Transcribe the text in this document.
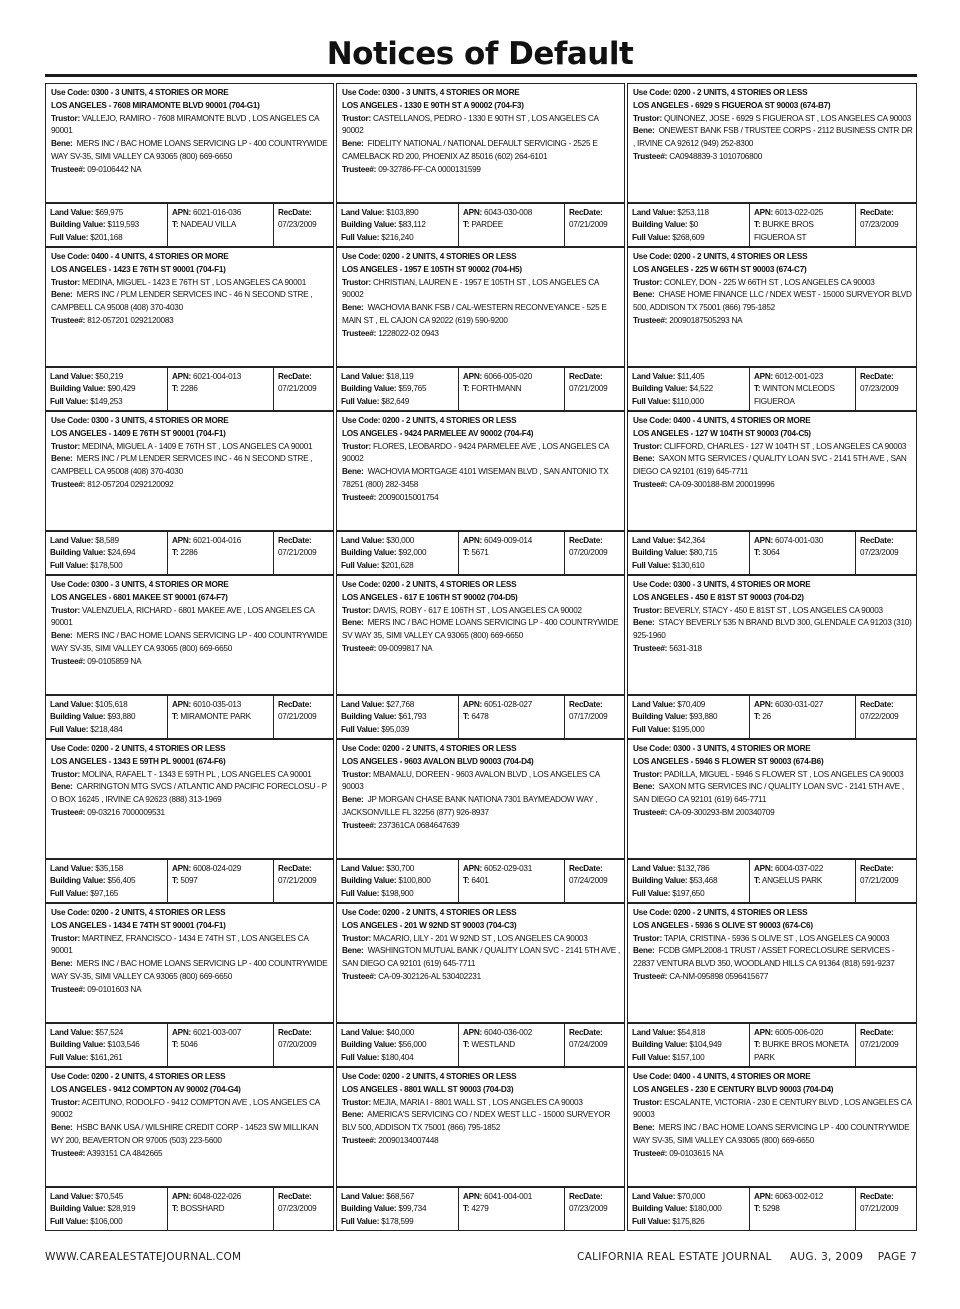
Notices of Default
Use Code: 0300 - 3 UNITS, 4 STORIES OR MORE
LOS ANGELES - 7608 MIRAMONTE BLVD 90001 (704-G1)
Trustor: VALLEJO, RAMIRO - 7608 MIRAMONTE BLVD , LOS ANGELES CA 90001
Bene: MERS INC / BAC HOME LOANS SERVICING LP - 400 COUNTRYWIDE WAY SV-35, SIMI VALLEY CA 93065 (800) 669-6650
Trustee#: 09-0106442 NA
Land Value: $69,975
Building Value: $119,593
Full Value: $201,168
APN: 6021-016-036
T: NADEAU VILLA
RecDate:
07/23/2009
Use Code: 0300 - 3 UNITS, 4 STORIES OR MORE
LOS ANGELES - 1330 E 90TH ST A 90002 (704-F3)
Trustor: CASTELLANOS, PEDRO - 1330 E 90TH ST , LOS ANGELES CA 90002
Bene: FIDELITY NATIONAL / NATIONAL DEFAULT SERVICING - 2525 E CAMELBACK RD 200, PHOENIX AZ 85016 (602) 264-6101
Trustee#: 09-32786-FF-CA 0000131599
Land Value: $103,890
Building Value: $83,112
Full Value: $216,240
APN: 6043-030-008
T: PARDEE
RecDate:
07/21/2009
Use Code: 0200 - 2 UNITS, 4 STORIES OR LESS
LOS ANGELES - 6929 S FIGUEROA ST 90003 (674-B7)
Trustor: QUINONEZ, JOSE - 6929 S FIGUEROA ST , LOS ANGELES CA 90003
Bene: ONEWEST BANK FSB / TRUSTEE CORPS - 2112 BUSINESS CNTR DR , IRVINE CA 92612 (949) 252-8300
Trustee#: CA0948839-3 1010706800
Land Value: $253,118
Building Value: $0
Full Value: $268,609
APN: 6013-022-025
T: BURKE BROS FIGUEROA ST
RecDate:
07/23/2009
Use Code: 0400 - 4 UNITS, 4 STORIES OR MORE
LOS ANGELES - 1423 E 76TH ST 90001 (704-F1)
Trustor: MEDINA, MIGUEL - 1423 E 76TH ST , LOS ANGELES CA 90001
Bene: MERS INC / PLM LENDER SERVICES INC - 46 N SECOND STRE , CAMPBELL CA 95008 (408) 370-4030
Trustee#: 812-057201 0292120083
Land Value: $50,219
Building Value: $90,429
Full Value: $149,253
APN: 6021-004-013
T: 2286
RecDate:
07/21/2009
Use Code: 0200 - 2 UNITS, 4 STORIES OR LESS
LOS ANGELES - 1957 E 105TH ST 90002 (704-H5)
Trustor: CHRISTIAN, LAUREN E - 1957 E 105TH ST , LOS ANGELES CA 90002
Bene: WACHOVIA BANK FSB / CAL-WESTERN RECONVEYANCE - 525 E MAIN ST , EL CAJON CA 92022 (619) 590-9200
Trustee#: 1228022-02 0943
Land Value: $18,119
Building Value: $59,765
Full Value: $82,649
APN: 6066-005-020
T: FORTHMANN
RecDate:
07/21/2009
Use Code: 0200 - 2 UNITS, 4 STORIES OR LESS
LOS ANGELES - 225 W 66TH ST 90003 (674-C7)
Trustor: CONLEY, DON - 225 W 66TH ST , LOS ANGELES CA 90003
Bene: CHASE HOME FINANCE LLC / NDEX WEST - 15000 SURVEYOR BLVD 500, ADDISON TX 75001 (866) 795-1852
Trustee#: 20090187505293 NA
Land Value: $11,405
Building Value: $4,522
Full Value: $110,000
APN: 6012-001-023
T: WINTON MCLEODS FIGUEROA
RecDate:
07/23/2009
Use Code: 0300 - 3 UNITS, 4 STORIES OR MORE
LOS ANGELES - 1409 E 76TH ST 90001 (704-F1)
Trustor: MEDINA, MIGUEL A - 1409 E 76TH ST , LOS ANGELES CA 90001
Bene: MERS INC / PLM LENDER SERVICES INC - 46 N SECOND STRE , CAMPBELL CA 95008 (408) 370-4030
Trustee#: 812-057204 0292120092
Land Value: $8,589
Building Value: $24,694
Full Value: $178,500
APN: 6021-004-016
T: 2286
RecDate:
07/21/2009
Use Code: 0200 - 2 UNITS, 4 STORIES OR LESS
LOS ANGELES - 9424 PARMELEE AV 90002 (704-F4)
Trustor: FLORES, LEOBARDO - 9424 PARMELEE AVE , LOS ANGELES CA 90002
Bene: WACHOVIA MORTGAGE 4101 WISEMAN BLVD , SAN ANTONIO TX 78251 (800) 282-3458
Trustee#: 20090015001754
Land Value: $30,000
Building Value: $92,000
Full Value: $201,628
APN: 6049-009-014
T: 5671
RecDate:
07/20/2009
Use Code: 0400 - 4 UNITS, 4 STORIES OR MORE
LOS ANGELES - 127 W 104TH ST 90003 (704-C5)
Trustor: CLIFFORD, CHARLES - 127 W 104TH ST , LOS ANGELES CA 90003
Bene: SAXON MTG SERVICES / QUALITY LOAN SVC - 2141 5TH AVE , SAN DIEGO CA 92101 (619) 645-7711
Trustee#: CA-09-300188-BM 200019996
Land Value: $42,364
Building Value: $80,715
Full Value: $130,610
APN: 6074-001-030
T: 3064
RecDate:
07/23/2009
Use Code: 0300 - 3 UNITS, 4 STORIES OR MORE
LOS ANGELES - 6801 MAKEE ST 90001 (674-F7)
Trustor: VALENZUELA, RICHARD - 6801 MAKEE AVE , LOS ANGELES CA 90001
Bene: MERS INC / BAC HOME LOANS SERVICING LP - 400 COUNTRYWIDE WAY SV-35, SIMI VALLEY CA 93065 (800) 669-6650
Trustee#: 09-0105859 NA
Land Value: $105,618
Building Value: $93,880
Full Value: $218,484
APN: 6010-035-013
T: MIRAMONTE PARK
RecDate:
07/21/2009
Use Code: 0200 - 2 UNITS, 4 STORIES OR LESS
LOS ANGELES - 617 E 106TH ST 90002 (704-D5)
Trustor: DAVIS, ROBY - 617 E 106TH ST , LOS ANGELES CA 90002
Bene: MERS INC / BAC HOME LOANS SERVICING LP - 400 COUNTRYWIDE SV WAY 35, SIMI VALLEY CA 93065 (800) 669-6650
Trustee#: 09-0099817 NA
Land Value: $27,768
Building Value: $61,793
Full Value: $95,039
APN: 6051-028-027
T: 6478
RecDate:
07/17/2009
Use Code: 0300 - 3 UNITS, 4 STORIES OR MORE
LOS ANGELES - 450 E 81ST ST 90003 (704-D2)
Trustor: BEVERLY, STACY - 450 E 81ST ST , LOS ANGELES CA 90003
Bene: STACY BEVERLY 535 N BRAND BLVD 300, GLENDALE CA 91203 (310) 925-1960
Trustee#: 5631-318
Land Value: $70,409
Building Value: $93,880
Full Value: $195,000
APN: 6030-031-027
T: 26
RecDate:
07/22/2009
Use Code: 0200 - 2 UNITS, 4 STORIES OR LESS
LOS ANGELES - 1343 E 59TH PL 90001 (674-F6)
Trustor: MOLINA, RAFAEL T - 1343 E 59TH PL , LOS ANGELES CA 90001
Bene: CARRINGTON MTG SVCS / ATLANTIC AND PACIFIC FORECLOSU - P O BOX 16245 , IRVINE CA 92623 (888) 313-1969
Trustee#: 09-03216 7000009531
Land Value: $35,158
Building Value: $56,405
Full Value: $97,165
APN: 6008-024-029
T: 5097
RecDate:
07/21/2009
Use Code: 0200 - 2 UNITS, 4 STORIES OR LESS
LOS ANGELES - 9603 AVALON BLVD 90003 (704-D4)
Trustor: MBAMALU, DOREEN - 9603 AVALON BLVD , LOS ANGELES CA 90003
Bene: JP MORGAN CHASE BANK NATIONA 7301 BAYMEADOW WAY , JACKSONVILLE FL 32256 (877) 926-8937
Trustee#: 237361CA 0684647639
Land Value: $30,700
Building Value: $100,800
Full Value: $198,900
APN: 6052-029-031
T: 6401
RecDate:
07/24/2009
Use Code: 0300 - 3 UNITS, 4 STORIES OR MORE
LOS ANGELES - 5946 S FLOWER ST 90003 (674-B6)
Trustor: PADILLA, MIGUEL - 5946 S FLOWER ST , LOS ANGELES CA 90003
Bene: SAXON MTG SERVICES INC / QUALITY LOAN SVC - 2141 5TH AVE , SAN DIEGO CA 92101 (619) 645-7711
Trustee#: CA-09-300293-BM 200340709
Land Value: $132,786
Building Value: $53,468
Full Value: $197,650
APN: 6004-037-022
T: ANGELUS PARK
RecDate:
07/21/2009
Use Code: 0200 - 2 UNITS, 4 STORIES OR LESS
LOS ANGELES - 1434 E 74TH ST 90001 (704-F1)
Trustor: MARTINEZ, FRANCISCO - 1434 E 74TH ST , LOS ANGELES CA 90001
Bene: MERS INC / BAC HOME LOANS SERVICING LP - 400 COUNTRYWIDE WAY SV-35, SIMI VALLEY CA 93065 (800) 669-6650
Trustee#: 09-0101603 NA
Land Value: $57,524
Building Value: $103,546
Full Value: $161,261
APN: 6021-003-007
T: 5046
RecDate:
07/20/2009
Use Code: 0200 - 2 UNITS, 4 STORIES OR LESS
LOS ANGELES - 201 W 92ND ST 90003 (704-C3)
Trustor: MACARIO, LILY - 201 W 92ND ST , LOS ANGELES CA 90003
Bene: WASHINGTON MUTUAL BANK / QUALITY LOAN SVC - 2141 5TH AVE , SAN DIEGO CA 92101 (619) 645-7711
Trustee#: CA-09-302126-AL 530402231
Land Value: $40,000
Building Value: $56,000
Full Value: $180,404
APN: 6040-036-002
T: WESTLAND
RecDate:
07/24/2009
Use Code: 0200 - 2 UNITS, 4 STORIES OR LESS
LOS ANGELES - 5936 S OLIVE ST 90003 (674-C6)
Trustor: TAPIA, CRISTINA - 5936 S OLIVE ST , LOS ANGELES CA 90003
Bene: FCDB GMPL2008-1 TRUST / ASSET FORECLOSURE SERVICES - 22837 VENTURA BLVD 350, WOODLAND HILLS CA 91364 (818) 591-9237
Trustee#: CA-NM-095898 0596415677
Land Value: $54,818
Building Value: $104,949
Full Value: $157,100
APN: 6005-006-020
T: BURKE BROS MONETA PARK
RecDate:
07/21/2009
Use Code: 0200 - 2 UNITS, 4 STORIES OR LESS
LOS ANGELES - 9412 COMPTON AV 90002 (704-G4)
Trustor: ACEITUNO, RODOLFO - 9412 COMPTON AVE , LOS ANGELES CA 90002
Bene: HSBC BANK USA / WILSHIRE CREDIT CORP - 14523 SW MILLIKAN WY 200, BEAVERTON OR 97005 (503) 223-5600
Trustee#: A393151 CA 4842665
Land Value: $70,545
Building Value: $28,919
Full Value: $106,000
APN: 6048-022-026
T: BOSSHARD
RecDate:
07/23/2009
Use Code: 0200 - 2 UNITS, 4 STORIES OR LESS
LOS ANGELES - 8801 WALL ST 90003 (704-D3)
Trustor: MEJIA, MARIA I - 8801 WALL ST , LOS ANGELES CA 90003
Bene: AMERICA'S SERVICING CO / NDEX WEST LLC - 15000 SURVEYOR BLV 500, ADDISON TX 75001 (866) 795-1852
Trustee#: 20090134007448
Land Value: $68,567
Building Value: $99,734
Full Value: $178,599
APN: 6041-004-001
T: 4279
RecDate:
07/23/2009
Use Code: 0400 - 4 UNITS, 4 STORIES OR MORE
LOS ANGELES - 230 E CENTURY BLVD 90003 (704-D4)
Trustor: ESCALANTE, VICTORIA - 230 E CENTURY BLVD , LOS ANGELES CA 90003
Bene: MERS INC / BAC HOME LOANS SERVICING LP - 400 COUNTRYWIDE WAY SV-35, SIMI VALLEY CA 93065 (800) 669-6650
Trustee#: 09-0103615 NA
Land Value: $70,000
Building Value: $180,000
Full Value: $175,826
APN: 6063-002-012
T: 5298
RecDate:
07/21/2009
WWW.CAREALESTATEJOURNAL.COM	CALIFORNIA REAL ESTATE JOURNAL     AUG. 3, 2009    PAGE 7
